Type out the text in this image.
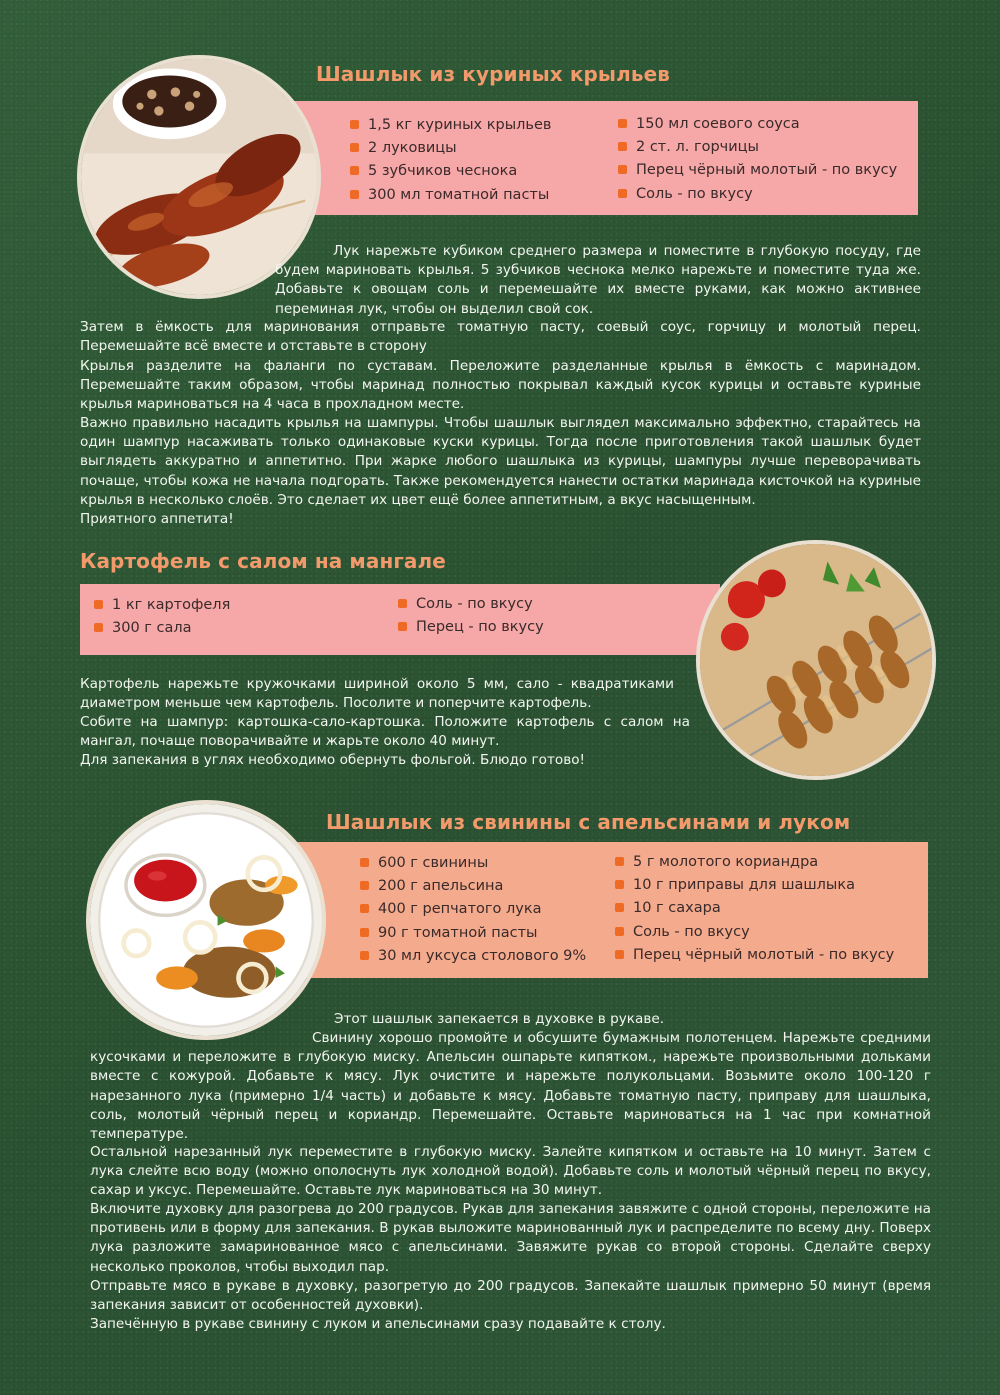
Шашлык из куриных крыльев
1,5 кг куриных крыльев
2 луковицы
5 зубчиков чеснока
300 мл томатной пасты
150 мл соевого соуса
2 ст. л. горчицы
Перец чёрный молотый - по вкусу
Соль - по вкусу

Лук нарежьте кубиком среднего размера и поместите в глубокую посуду, где будем мариновать крылья. 5 зубчиков чеснока мелко нарежьте и поместите туда же. Добавьте к овощам соль и перемешайте их вместе руками, как можно активнее переминая лук, чтобы он выделил свой сок.

Затем в ёмкость для маринования отправьте томатную пасту, соевый соус, горчицу и молотый перец. Перемешайте всё вместе и отставьте в сторону

Крылья разделите на фаланги по суставам. Переложите разделанные крылья в ёмкость с маринадом. Перемешайте таким образом, чтобы маринад полностью покрывал каждый кусок курицы и оставьте куриные крылья мариноваться на 4 часа в прохладном месте.

Важно правильно насадить крылья на шампуры. Чтобы шашлык выглядел максимально эффектно, старайтесь на один шампур насаживать только одинаковые куски курицы. Тогда после приготовления такой шашлык будет выглядеть аккуратно и аппетитно. При жарке любого шашлыка из курицы, шампуры лучше переворачивать почаще, чтобы кожа не начала подгорать. Также рекомендуется нанести остатки маринада кисточкой на куриные крылья в несколько слоёв. Это сделает их цвет ещё более аппетитным, а вкус насыщенным.

Приятного аппетита!

Картофель с салом на мангале
1 кг картофеля
300 г сала
Соль - по вкусу
Перец - по вкусу

Картофель нарежьте кружочками шириной около 5 мм, сало - квадратиками диаметром меньше чем картофель. Посолите и поперчите картофель.

Собите на шампур: картошка-сало-картошка. Положите картофель с салом на мангал, почаще поворачивайте и жарьте около 40 минут.

Для запекания в углях необходимо обернуть фольгой. Блюдо готово!

Шашлык из свинины с апельсинами и луком
600 г свинины
200 г апельсина
400 г репчатого лука
90 г томатной пасты
30 мл уксуса столового 9%
5 г молотого кориандра
10 г приправы для шашлыка
10 г сахара
Соль - по вкусу
Перец чёрный молотый - по вкусу

Этот шашлык запекается в духовке в рукаве.

Свинину хорошо промойте и обсушите бумажным полотенцем. Нарежьте средними кусочками и переложите в глубокую миску. Апельсин ошпарьте кипятком., нарежьте произвольными дольками вместе с кожурой. Добавьте к мясу. Лук очистите и нарежьте полукольцами. Возьмите около 100-120 г нарезанного лука (примерно 1/4 часть) и добавьте к мясу. Добавьте томатную пасту, приправу для шашлыка, соль, молотый чёрный перец и кориандр. Перемешайте. Оставьте мариноваться на 1 час при комнатной температуре.

Остальной нарезанный лук переместите в глубокую миску. Залейте кипятком и оставьте на 10 минут. Затем с лука слейте всю воду (можно ополоснуть лук холодной водой). Добавьте соль и молотый чёрный перец по вкусу, сахар и уксус. Перемешайте. Оставьте лук мариноваться на 30 минут.

Включите духовку для разогрева до 200 градусов. Рукав для запекания завяжите с одной стороны, переложите на противень или в форму для запекания. В рукав выложите маринованный лук и распределите по всему дну. Поверх лука разложите замаринованное мясо с апельсинами. Завяжите рукав со второй стороны. Сделайте сверху несколько проколов, чтобы выходил пар.

Отправьте мясо в рукаве в духовку, разогретую до 200 градусов. Запекайте шашлык примерно 50 минут (время запекания зависит от особенностей духовки).

Запечённую в рукаве свинину с луком и апельсинами сразу подавайте к столу.
